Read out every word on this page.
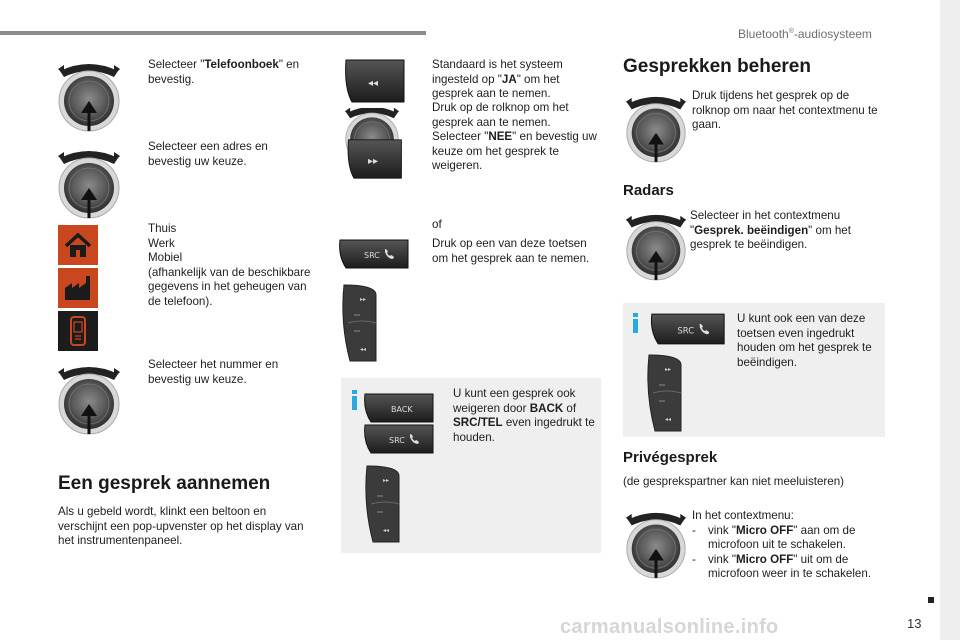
Bluetooth®-audiosysteem
Selecteer "Telefoonboek" en bevestig.
Selecteer een adres en bevestig uw keuze.
Thuis
Werk
Mobiel
(afhankelijk van de beschikbare gegevens in het geheugen van de telefoon).
Selecteer het nummer en bevestig uw keuze.
Een gesprek aannemen
Als u gebeld wordt, klinkt een beltoon en verschijnt een pop-upvenster op het display van het instrumentenpaneel.
◂◂
▸▸
Standaard is het systeem ingesteld op "JA" om het gesprek aan te nemen.
Druk op de rolknop om het gesprek aan te nemen.
Selecteer "NEE" en bevestig uw keuze om het gesprek te weigeren.
of
SRC
Druk op een van deze toetsen om het gesprek aan te nemen.
BACK
SRC
U kunt een gesprek ook weigeren door BACK of SRC/TEL even ingedrukt te houden.
Gesprekken beheren
Druk tijdens het gesprek op de rolknop om naar het contextmenu te gaan.
Radars
Selecteer in het contextmenu "Gesprek. beëindigen" om het gesprek te beëindigen.
SRC
U kunt ook een van deze toetsen even ingedrukt houden om het gesprek te beëindigen.
Privégesprek
(de gesprekspartner kan niet meeluisteren)
In het contextmenu:
-	vink "Micro OFF" aan om de microfoon uit te schakelen.
-	vink "Micro OFF" uit om de microfoon weer in te schakelen.
carmanualsonline.info	13
